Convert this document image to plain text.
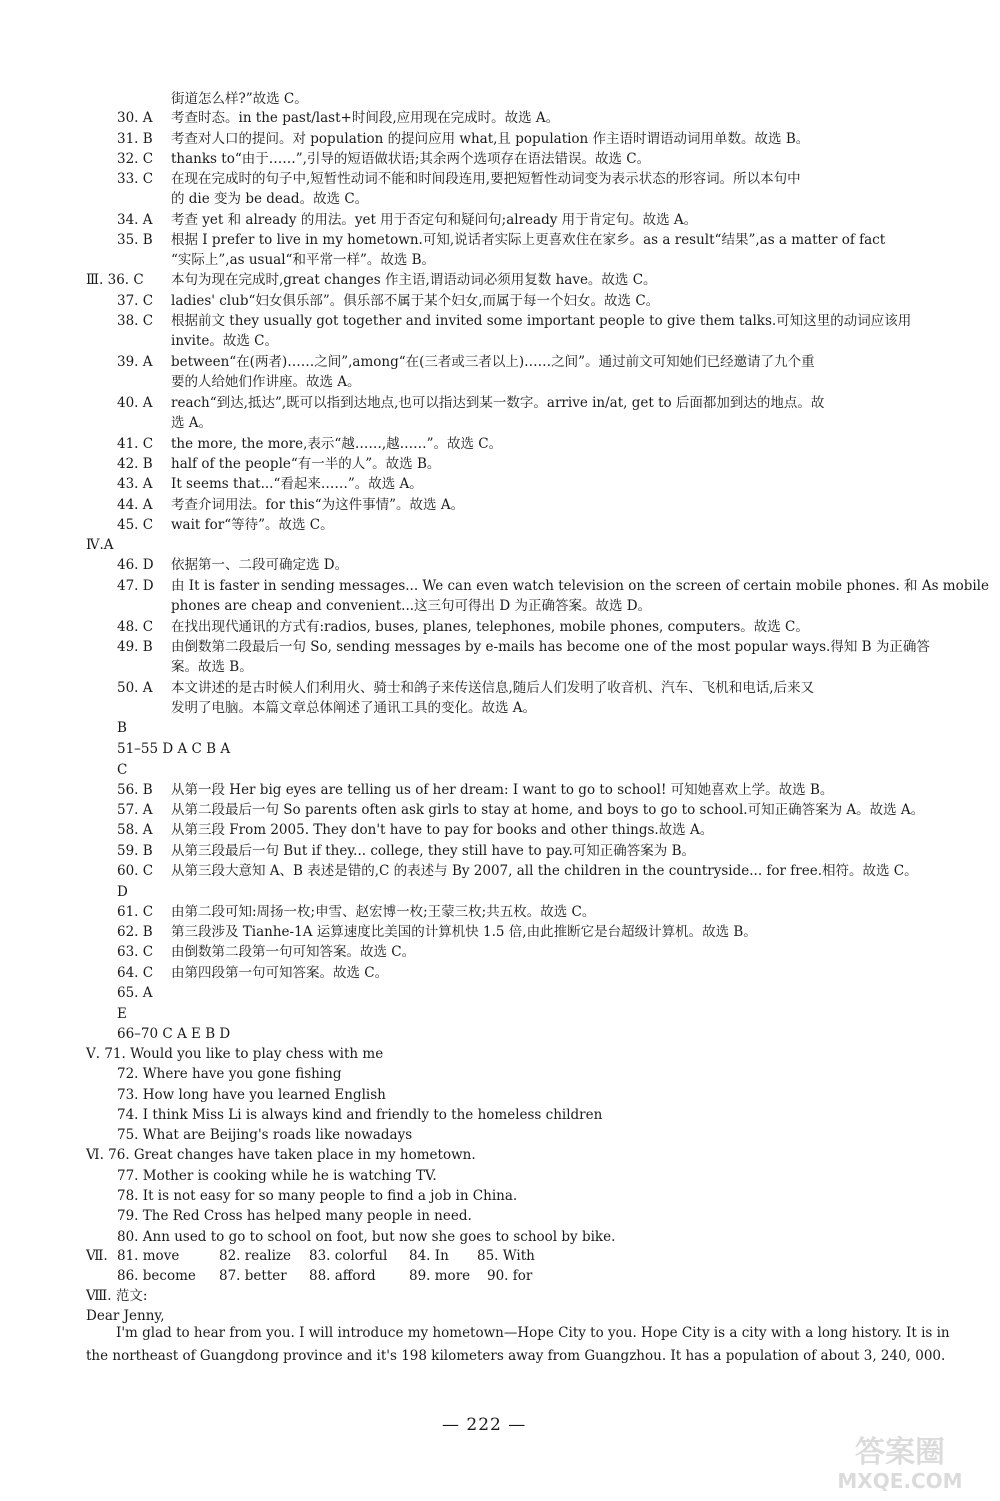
街道怎么样?”故选 C。
30. A 考查时态。in the past/last+时间段,应用现在完成时。故选 A。
31. B 考查对人口的提问。对 population 的提问应用 what,且 population 作主语时谓语动词用单数。故选 B。
32. C thanks to“由于……”,引导的短语做状语;其余两个选项存在语法错误。故选 C。
33. C 在现在完成时的句子中,短暂性动词不能和时间段连用,要把短暂性动词变为表示状态的形容词。所以本句中
的 die 变为 be dead。故选 C。
34. A 考查 yet 和 already 的用法。yet 用于否定句和疑问句;already 用于肯定句。故选 A。
35. B 根据 I prefer to live in my hometown.可知,说话者实际上更喜欢住在家乡。as a result“结果”,as a matter of fact
“实际上”,as usual“和平常一样”。故选 B。
Ⅲ. 36. C 本句为现在完成时,great changes 作主语,谓语动词必须用复数 have。故选 C。
37. C ladies' club“妇女俱乐部”。俱乐部不属于某个妇女,而属于每一个妇女。故选 C。
38. C 根据前文 they usually got together and invited some important people to give them talks.可知这里的动词应该用
invite。故选 C。
39. A between“在(两者)……之间”,among“在(三者或三者以上)……之间”。通过前文可知她们已经邀请了九个重
要的人给她们作讲座。故选 A。
40. A reach“到达,抵达”,既可以指到达地点,也可以指达到某一数字。arrive in/at, get to 后面都加到达的地点。故
选 A。
41. C the more, the more,表示“越……,越……”。故选 C。
42. B half of the people“有一半的人”。故选 B。
43. A It seems that...“看起来……”。故选 A。
44. A 考查介词用法。for this“为这件事情”。故选 A。
45. C wait for“等待”。故选 C。
Ⅳ.A
46. D 依据第一、二段可确定选 D。
47. D 由 It is faster in sending messages... We can even watch television on the screen of certain mobile phones. 和 As mobile
phones are cheap and convenient...这三句可得出 D 为正确答案。故选 D。
48. C 在找出现代通讯的方式有:radios, buses, planes, telephones, mobile phones, computers。故选 C。
49. B 由倒数第二段最后一句 So, sending messages by e-mails has become one of the most popular ways.得知 B 为正确答
案。故选 B。
50. A 本文讲述的是古时候人们利用火、骑士和鸽子来传送信息,随后人们发明了收音机、汽车、飞机和电话,后来又
发明了电脑。本篇文章总体阐述了通讯工具的变化。故选 A。
B
51–55 D A C B A
C
56. B 从第一段 Her big eyes are telling us of her dream: I want to go to school! 可知她喜欢上学。故选 B。
57. A 从第二段最后一句 So parents often ask girls to stay at home, and boys to go to school.可知正确答案为 A。故选 A。
58. A 从第三段 From 2005. They don't have to pay for books and other things.故选 A。
59. B 从第三段最后一句 But if they... college, they still have to pay.可知正确答案为 B。
60. C 从第三段大意知 A、B 表述是错的,C 的表述与 By 2007, all the children in the countryside... for free.相符。故选 C。
D
61. C 由第二段可知:周扬一枚;申雪、赵宏博一枚;王蒙三枚;共五枚。故选 C。
62. B 第三段涉及 Tianhe-1A 运算速度比美国的计算机快 1.5 倍,由此推断它是台超级计算机。故选 B。
63. C 由倒数第二段第一句可知答案。故选 C。
64. C 由第四段第一句可知答案。故选 C。
65. A
E
66–70 C A E B D
Ⅴ. 71. Would you like to play chess with me
72. Where have you gone fishing
73. How long have you learned English
74. I think Miss Li is always kind and friendly to the homeless children
75. What are Beijing's roads like nowadays
Ⅵ. 76. Great changes have taken place in my hometown.
77. Mother is cooking while he is watching TV.
78. It is not easy for so many people to find a job in China.
79. The Red Cross has helped many people in need.
80. Ann used to go to school on foot, but now she goes to school by bike.
Ⅶ. 81. move	82. realize 83. colorful 84. In 85. With
86. become 87. better 88. afford 89. more 90. for
Ⅷ. 范文:
Dear Jenny,
I'm glad to hear from you. I will introduce my hometown—Hope City to you. Hope City is a city with a long history. It is in the northeast of Guangdong province and it's 198 kilometers away from Guangzhou. It has a population of about 3, 240, 000.
— 222 —
答案圈
MXQE.COM
